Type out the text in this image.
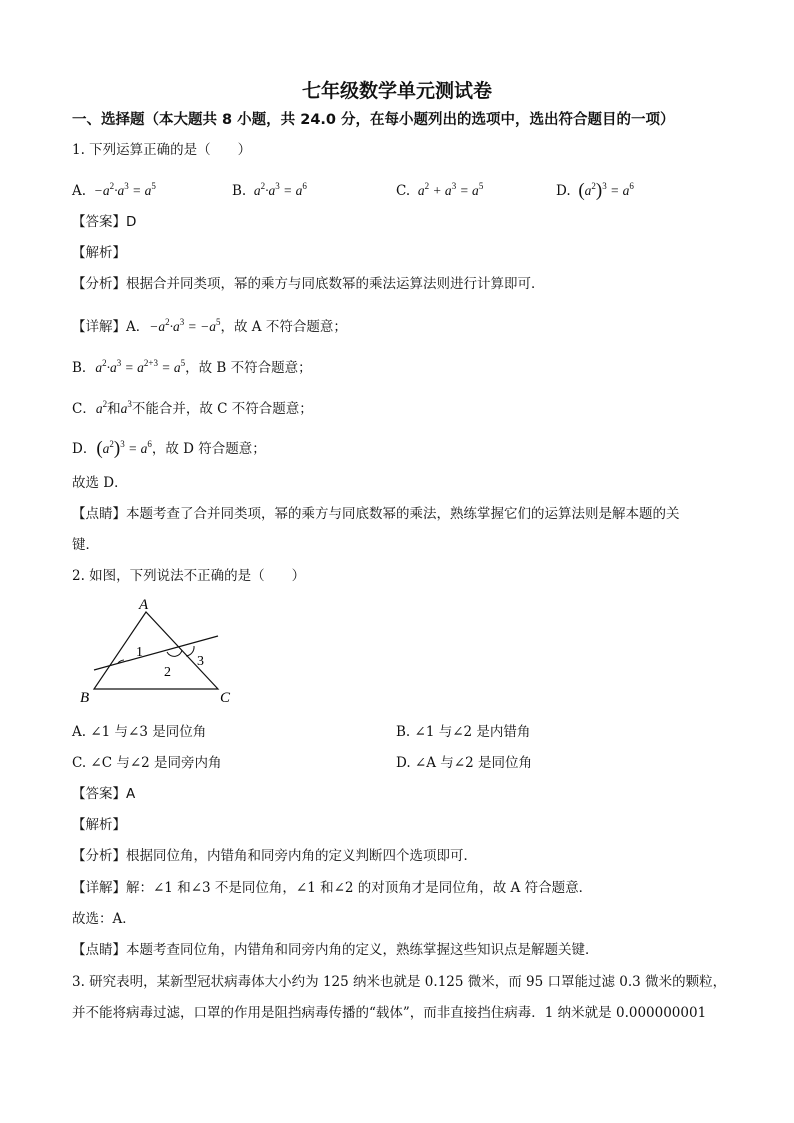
七年级数学单元测试卷
一、选择题（本大题共 8 小题，共 24.0 分，在每小题列出的选项中，选出符合题目的一项）
1. 下列运算正确的是（　　）
A.  $-a^2\cdot a^3 = a^5$	B.  $a^2\cdot a^3 = a^6$	C.  $a^2 + a^3 = a^5$	D. $(a^2)^3 = a^6$
【答案】D
【解析】
【分析】根据合并同类项，幂的乘方与同底数幂的乘法运算法则进行计算即可．
【详解】A．$-a^2\cdot a^3 = -a^5$，故 A 不符合题意；
B．$a^2\cdot a^3 = a^{2+3} = a^5$，故 B 不符合题意；
C．$a^2$和$a^3$不能合并，故 C 不符合题意；
D．$(a^2)^3 = a^6$，故 D 符合题意；
故选 D．
【点睛】本题考查了合并同类项，幂的乘方与同底数幂的乘法，熟练掌握它们的运算法则是解本题的关
键．
2. 如图，下列说法不正确的是（　　）
A
B	C
1
2
3
A. ∠1 与∠3 是同位角	B. ∠1 与∠2 是内错角
C. ∠C 与∠2 是同旁内角	D. ∠A 与∠2 是同位角
【答案】A
【解析】
【分析】根据同位角，内错角和同旁内角的定义判断四个选项即可．
【详解】解：∠1 和∠3 不是同位角，∠1 和∠2 的对顶角才是同位角，故 A 符合题意．
故选：A．
【点睛】本题考查同位角，内错角和同旁内角的定义，熟练掌握这些知识点是解题关键．
3. 研究表明，某新型冠状病毒体大小约为 125 纳米也就是 0.125 微米，而 95 口罩能过滤 0.3 微米的颗粒，
并不能将病毒过滤，口罩的作用是阻挡病毒传播的“载体”，而非直接挡住病毒．1 纳米就是 0.000000001
